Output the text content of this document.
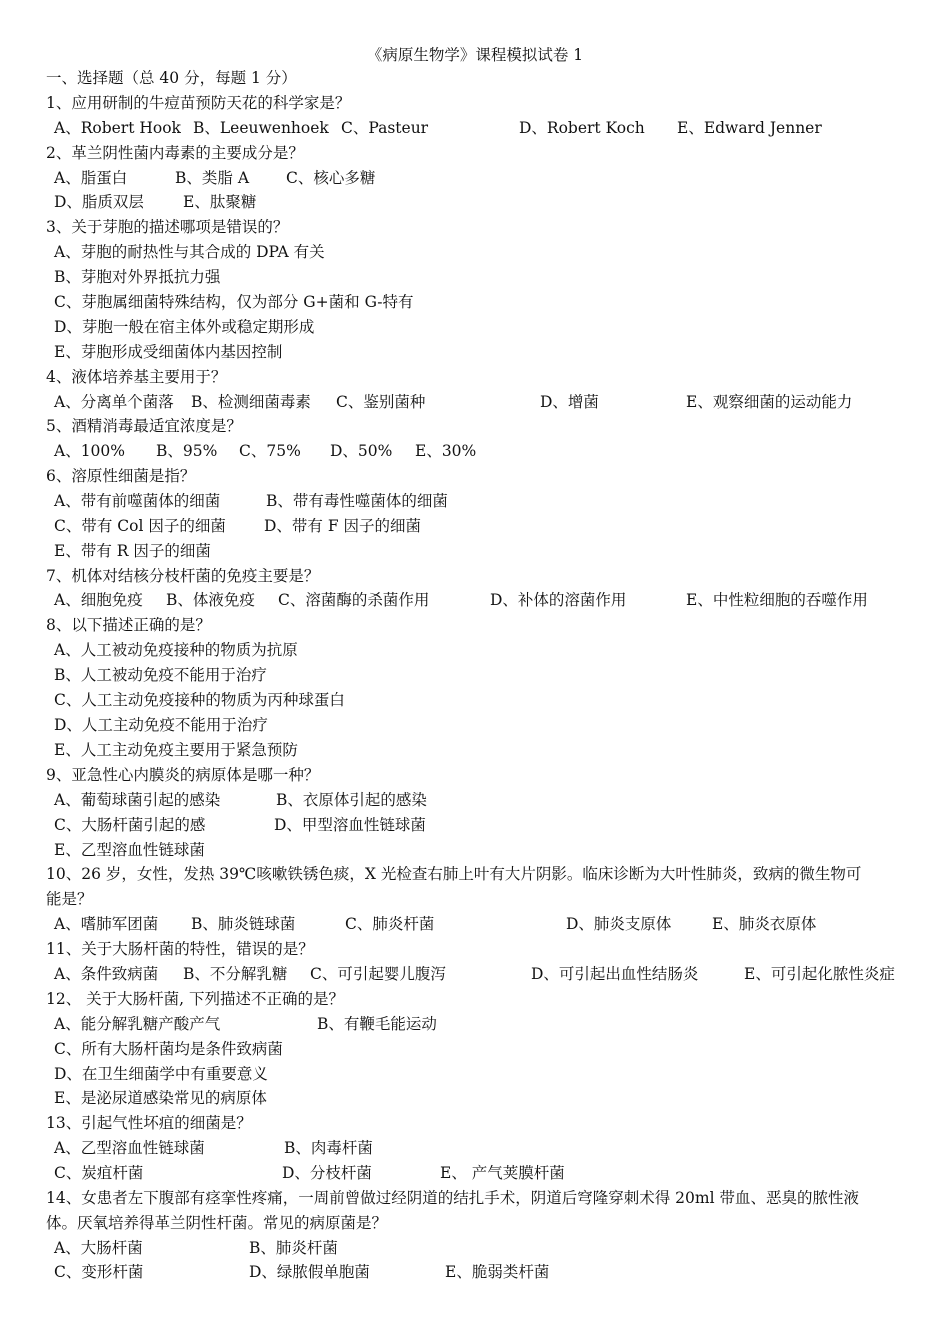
《病原生物学》课程模拟试卷 1
一、选择题（总 40 分，每题 1 分）
1、应用研制的牛痘苗预防天花的科学家是？
A、Robert Hook B、Leeuwenhoek C、Pasteur	D、Robert Koch E、Edward Jenner
2、革兰阴性菌内毒素的主要成分是？
A、脂蛋白	B、类脂 A C、核心多糖
D、脂质双层	E、肽聚糖
3、关于芽胞的描述哪项是错误的？
A、芽胞的耐热性与其合成的 DPA 有关
B、芽胞对外界抵抗力强
C、芽胞属细菌特殊结构，仅为部分 G+菌和 G-特有
D、芽胞一般在宿主体外或稳定期形成
E、芽胞形成受细菌体内基因控制
4、液体培养基主要用于？
A、分离单个菌落 B、检测细菌毒素 C、鉴别菌种	D、增菌	E、观察细菌的运动能力
5、酒精消毒最适宜浓度是？
A、100% B、95% C、75% D、50% E、30%
6、溶原性细菌是指？
A、带有前噬菌体的细菌	B、带有毒性噬菌体的细菌
C、带有 Col 因子的细菌 D、带有 F 因子的细菌
E、带有 R 因子的细菌
7、机体对结核分枝杆菌的免疫主要是？
A、细胞免疫 B、体液免疫 C、溶菌酶的杀菌作用	D、补体的溶菌作用	E、中性粒细胞的吞噬作用
8、以下描述正确的是？
A、人工被动免疫接种的物质为抗原
B、人工被动免疫不能用于治疗
C、人工主动免疫接种的物质为丙种球蛋白
D、人工主动免疫不能用于治疗
E、人工主动免疫主要用于紧急预防
9、亚急性心内膜炎的病原体是哪一种？
A、葡萄球菌引起的感染	B、衣原体引起的感染
C、大肠杆菌引起的感	D、甲型溶血性链球菌
E、乙型溶血性链球菌
10、26 岁，女性，发热 39℃咳嗽铁锈色痰，X 光检查右肺上叶有大片阴影。临床诊断为大叶性肺炎，致病的微生物可
能是？
A、嗜肺军团菌 B、肺炎链球菌	C、肺炎杆菌	D、肺炎支原体	E、肺炎衣原体
11、关于大肠杆菌的特性，错误的是？
A、条件致病菌 B、不分解乳糖 C、可引起婴儿腹泻	D、可引起出血性结肠炎	E、可引起化脓性炎症
12、 关于大肠杆菌, 下列描述不正确的是？
A、能分解乳糖产酸产气	B、有鞭毛能运动
C、所有大肠杆菌均是条件致病菌
D、在卫生细菌学中有重要意义
E、是泌尿道感染常见的病原体
13、引起气性坏疽的细菌是？
A、乙型溶血性链球菌	B、肉毒杆菌
C、炭疽杆菌	D、分枝杆菌	E、 产气荚膜杆菌
14、女患者左下腹部有痉挛性疼痛，一周前曾做过经阴道的结扎手术，阴道后穹隆穿刺术得 20ml 带血、恶臭的脓性液
体。厌氧培养得革兰阴性杆菌。常见的病原菌是？
A、大肠杆菌	B、肺炎杆菌
C、变形杆菌	D、绿脓假单胞菌	E、脆弱类杆菌
